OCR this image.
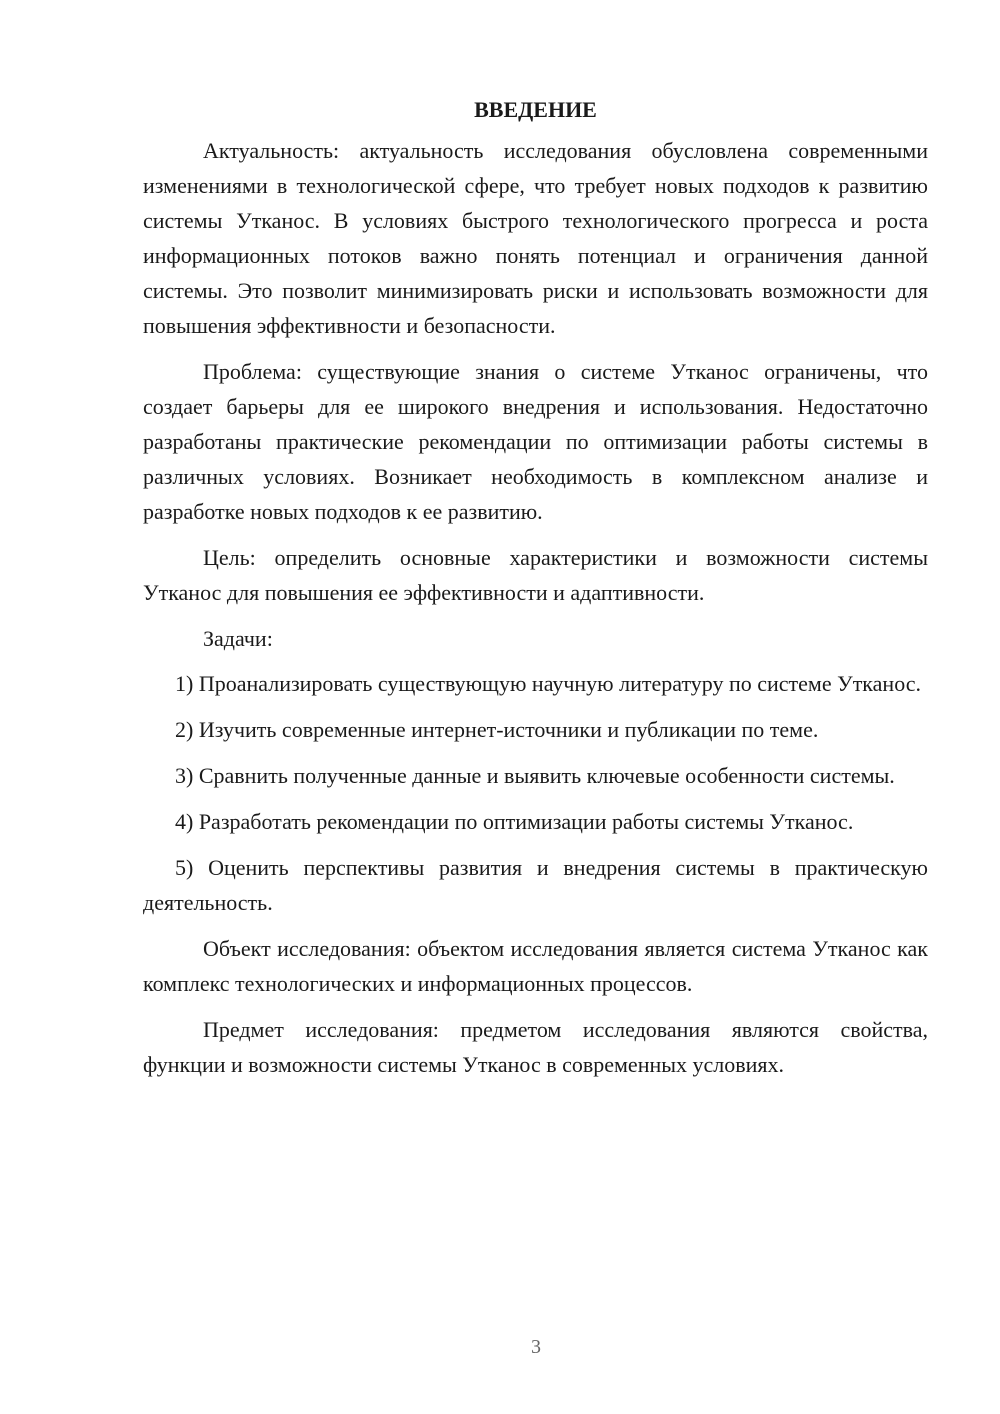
ВВЕДЕНИЕ

Актуальность: актуальность исследования обусловлена современными изменениями в технологической сфере, что требует новых подходов к развитию системы Утканос. В условиях быстрого технологического прогресса и роста информационных потоков важно понять потенциал и ограничения данной системы. Это позволит минимизировать риски и использовать возможности для повышения эффективности и безопасности.

Проблема: существующие знания о системе Утканос ограничены, что создает барьеры для ее широкого внедрения и использования. Недостаточно разработаны практические рекомендации по оптимизации работы системы в различных условиях. Возникает необходимость в комплексном анализе и разработке новых подходов к ее развитию.

Цель: определить основные характеристики и возможности системы Утканос для повышения ее эффективности и адаптивности.

Задачи:

1) Проанализировать существующую научную литературу по системе Утканос.

2) Изучить современные интернет-источники и публикации по теме.

3) Сравнить полученные данные и выявить ключевые особенности системы.

4) Разработать рекомендации по оптимизации работы системы Утканос.

5) Оценить перспективы развития и внедрения системы в практическую деятельность.

Объект исследования: объектом исследования является система Утканос как комплекс технологических и информационных процессов.

Предмет исследования: предметом исследования являются свойства, функции и возможности системы Утканос в современных условиях.

3
